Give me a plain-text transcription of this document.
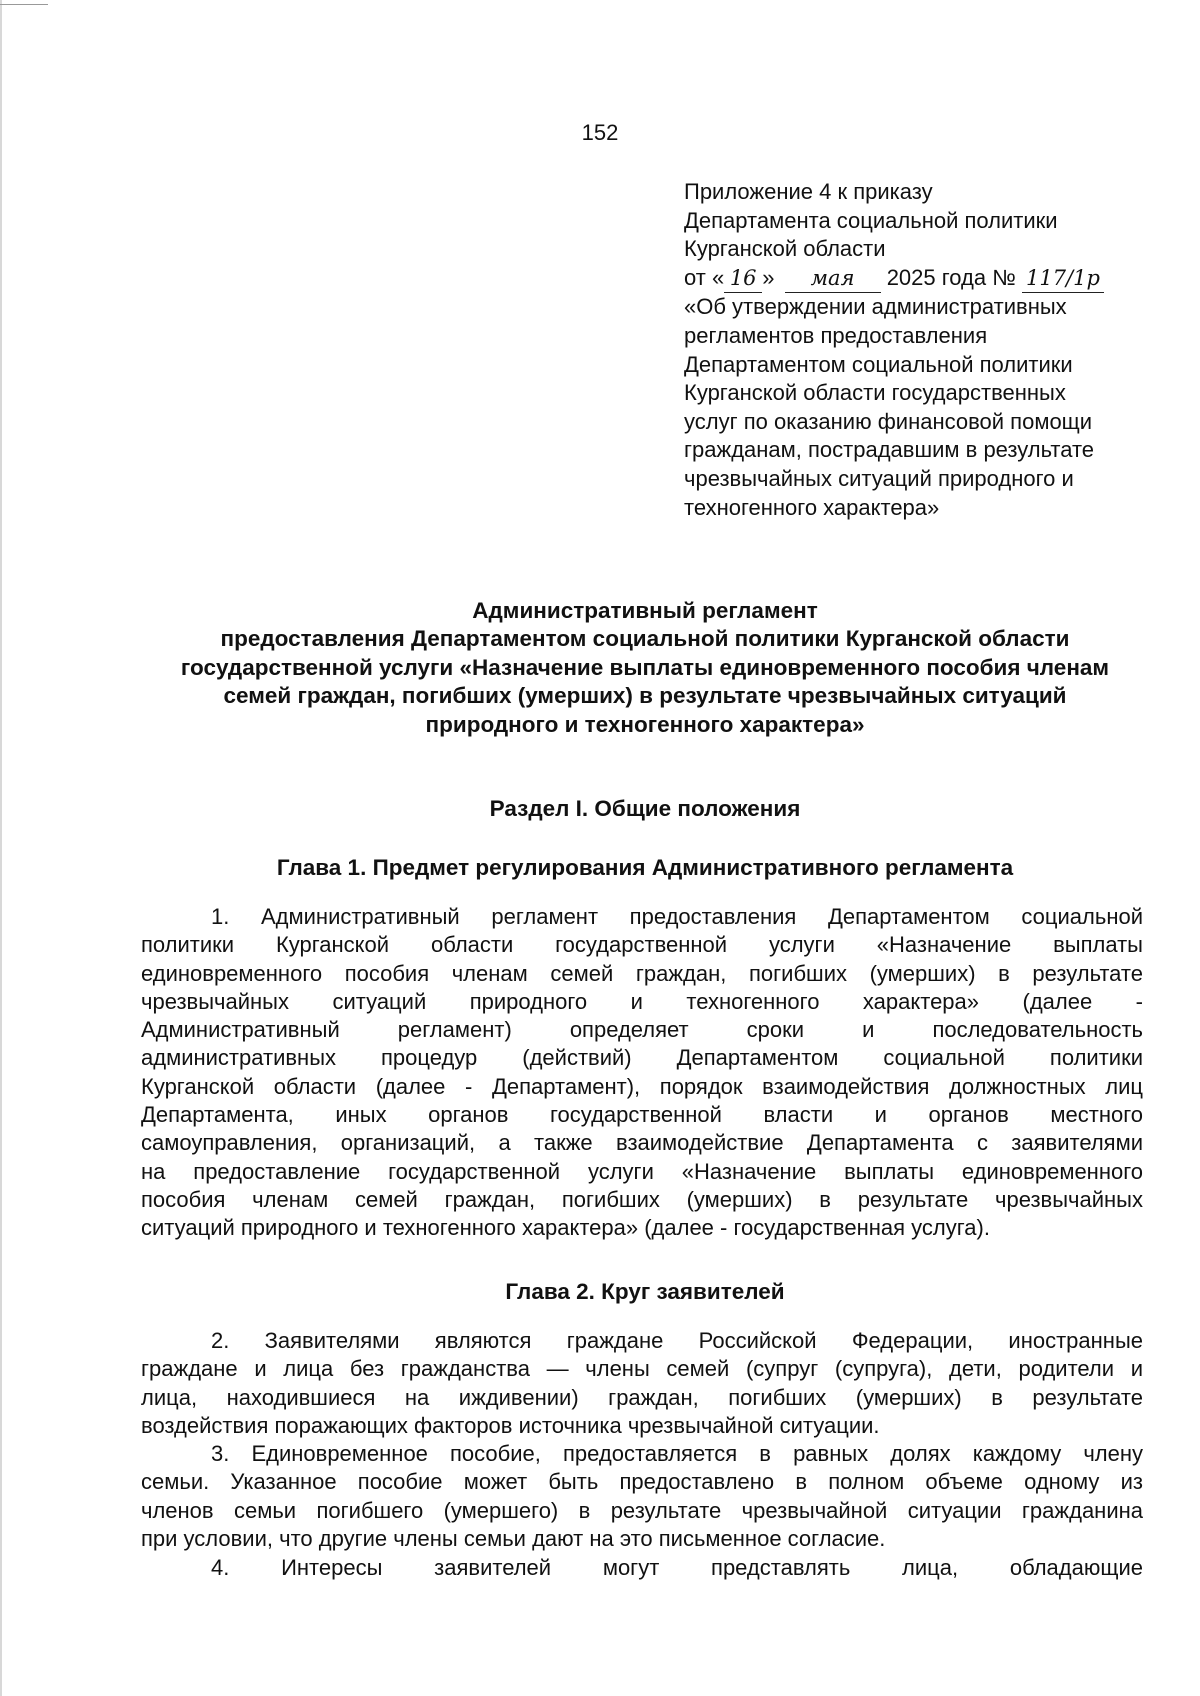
152
Приложение 4 к приказу
Департамента социальной политики
Курганской области
от « 16 » мая 2025 года № 117/1р
«Об утверждении административных
регламентов предоставления
Департаментом социальной политики
Курганской области государственных
услуг по оказанию финансовой помощи
гражданам, пострадавшим в результате
чрезвычайных ситуаций природного и
техногенного характера»
Административный регламент
предоставления Департаментом социальной политики Курганской области
государственной услуги «Назначение выплаты единовременного пособия членам
семей граждан, погибших (умерших) в результате чрезвычайных ситуаций
природного и техногенного характера»
Раздел I. Общие положения
Глава 1. Предмет регулирования Административного регламента
1. Административный регламент предоставления Департаментом социальной
политики Курганской области государственной услуги «Назначение выплаты
единовременного пособия членам семей граждан, погибших (умерших) в результате
чрезвычайных ситуаций природного и техногенного характера» (далее -
Административный регламент) определяет сроки и последовательность
административных процедур (действий) Департаментом социальной политики
Курганской области (далее - Департамент), порядок взаимодействия должностных лиц
Департамента, иных органов государственной власти и органов местного
самоуправления, организаций, а также взаимодействие Департамента с заявителями
на предоставление государственной услуги «Назначение выплаты единовременного
пособия членам семей граждан, погибших (умерших) в результате чрезвычайных
ситуаций природного и техногенного характера» (далее - государственная услуга).
Глава 2. Круг заявителей
2. Заявителями являются граждане Российской Федерации, иностранные
граждане и лица без гражданства — члены семей (супруг (супруга), дети, родители и
лица, находившиеся на иждивении) граждан, погибших (умерших) в результате
воздействия поражающих факторов источника чрезвычайной ситуации.
3. Единовременное пособие, предоставляется в равных долях каждому члену
семьи. Указанное пособие может быть предоставлено в полном объеме одному из
членов семьи погибшего (умершего) в результате чрезвычайной ситуации гражданина
при условии, что другие члены семьи дают на это письменное согласие.
4. Интересы заявителей могут представлять лица, обладающие
